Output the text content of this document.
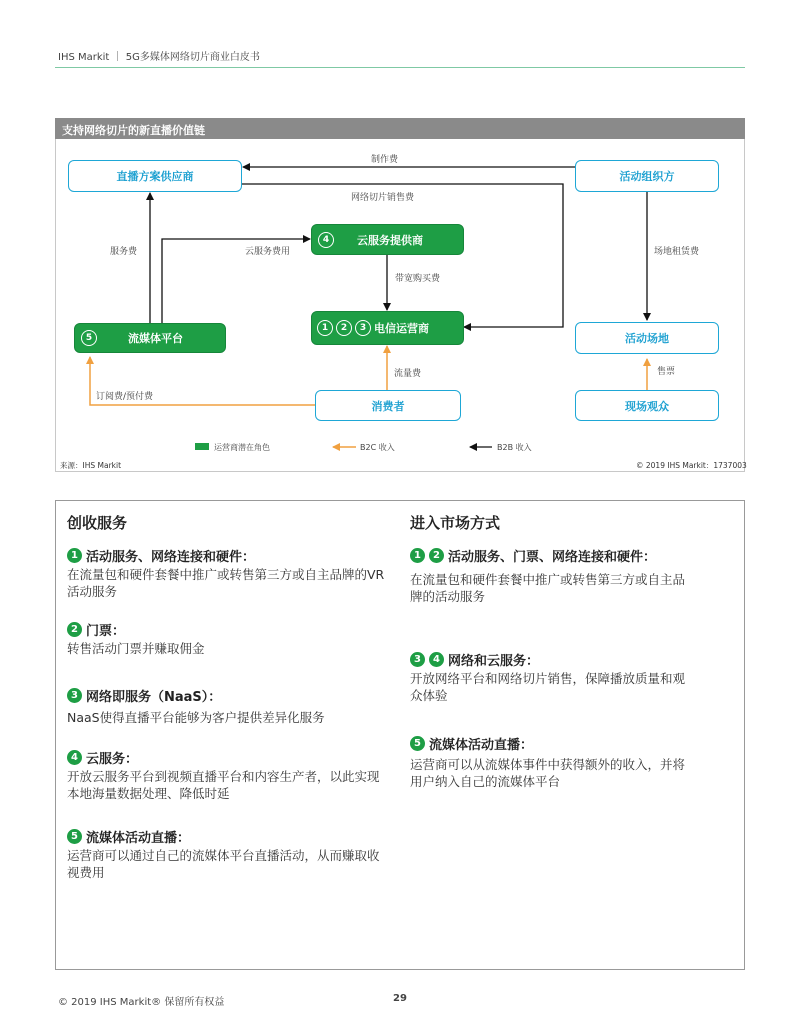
IHS Markit ｜ 5G多媒体网络切片商业白皮书
支持网络切片的新直播价值链
直播方案供应商	活动组织方
4	云服务提供商
1	2	3 电信运营商
5	流媒体平台	活动场地
消费者	现场观众
制作费
网络切片销售费
服务费	云服务费用
带宽购买费
场地租赁费
流量费
订阅费/预付费
售票
运营商潜在角色	B2C 收入	B2B 收入
来源：IHS Markit	© 2019 IHS Markit：1737003
创收服务
1 活动服务、网络连接和硬件：
在流量包和硬件套餐中推广或转售第三方或自主品牌的VR活动服务
2 门票：
转售活动门票并赚取佣金
3 网络即服务（NaaS）：
NaaS使得直播平台能够为客户提供差异化服务
4 云服务：
开放云服务平台到视频直播平台和内容生产者，以此实现本地海量数据处理、降低时延
5 流媒体活动直播：
运营商可以通过自己的流媒体平台直播活动，从而赚取收视费用
进入市场方式
1	2 活动服务、门票、网络连接和硬件：
在流量包和硬件套餐中推广或转售第三方或自主品牌的活动服务
3	4 网络和云服务：
开放网络平台和网络切片销售，保障播放质量和观众体验
5 流媒体活动直播：
运营商可以从流媒体事件中获得额外的收入，并将用户纳入自己的流媒体平台
© 2019 IHS Markit® 保留所有权益	29
